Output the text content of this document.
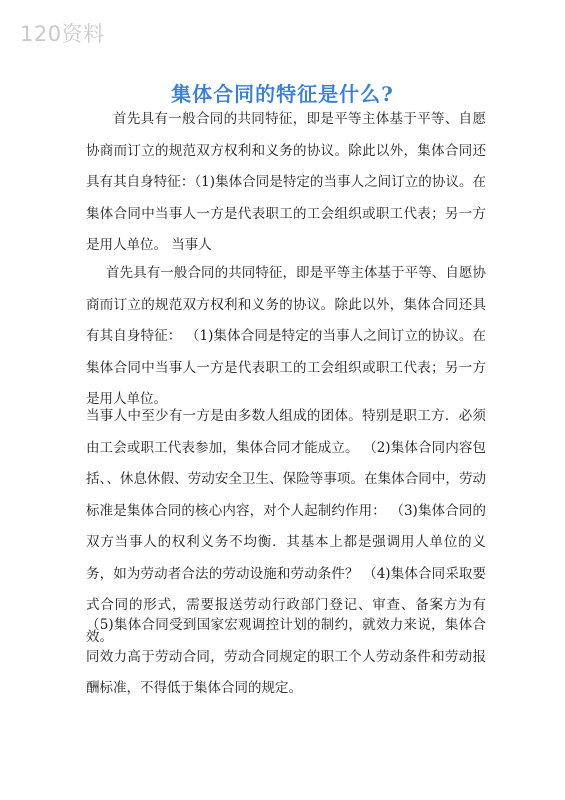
120资料
集体合同的特征是什么?

首先具有一般合同的共同特征，即是平等主体基于平等、自愿协商而订立的规范双方权利和义务的协议。除此以外，集体合同还具有其自身特征：（1)集体合同是特定的当事人之间订立的协议。在集体合同中当事人一方是代表职工的工会组织或职工代表；另一方是用人单位。 当事人

首先具有一般合同的共同特征，即是平等主体基于平等、自愿协商而订立的规范双方权利和义务的协议。除此以外，集体合同还具有其自身特征： （1)集体合同是特定的当事人之间订立的协议。在集体合同中当事人一方是代表职工的工会组织或职工代表；另一方是用人单位。

当事人中至少有一方是由多数人组成的团体。特别是职工方．必须由工会或职工代表参加，集体合同才能成立。 （2)集体合同内容包括、、休息休假、劳动安全卫生、保险等事项。在集体合同中，劳动标准是集体合同的核心内容，对个人起制约作用： （3)集体合同的双方当事人的权利义务不均衡．其基本上都是强调用人单位的义务，如为劳动者合法的劳动设施和劳动条件？ （4)集体合同采取要式合同的形式，需要报送劳动行政部门登记、审查、备案方为有效。

（5)集体合同受到国家宏观调控计划的制约，就效力来说，集体合同效力高于劳动合同，劳动合同规定的职工个人劳动条件和劳动报酬标准，不得低于集体合同的规定。
